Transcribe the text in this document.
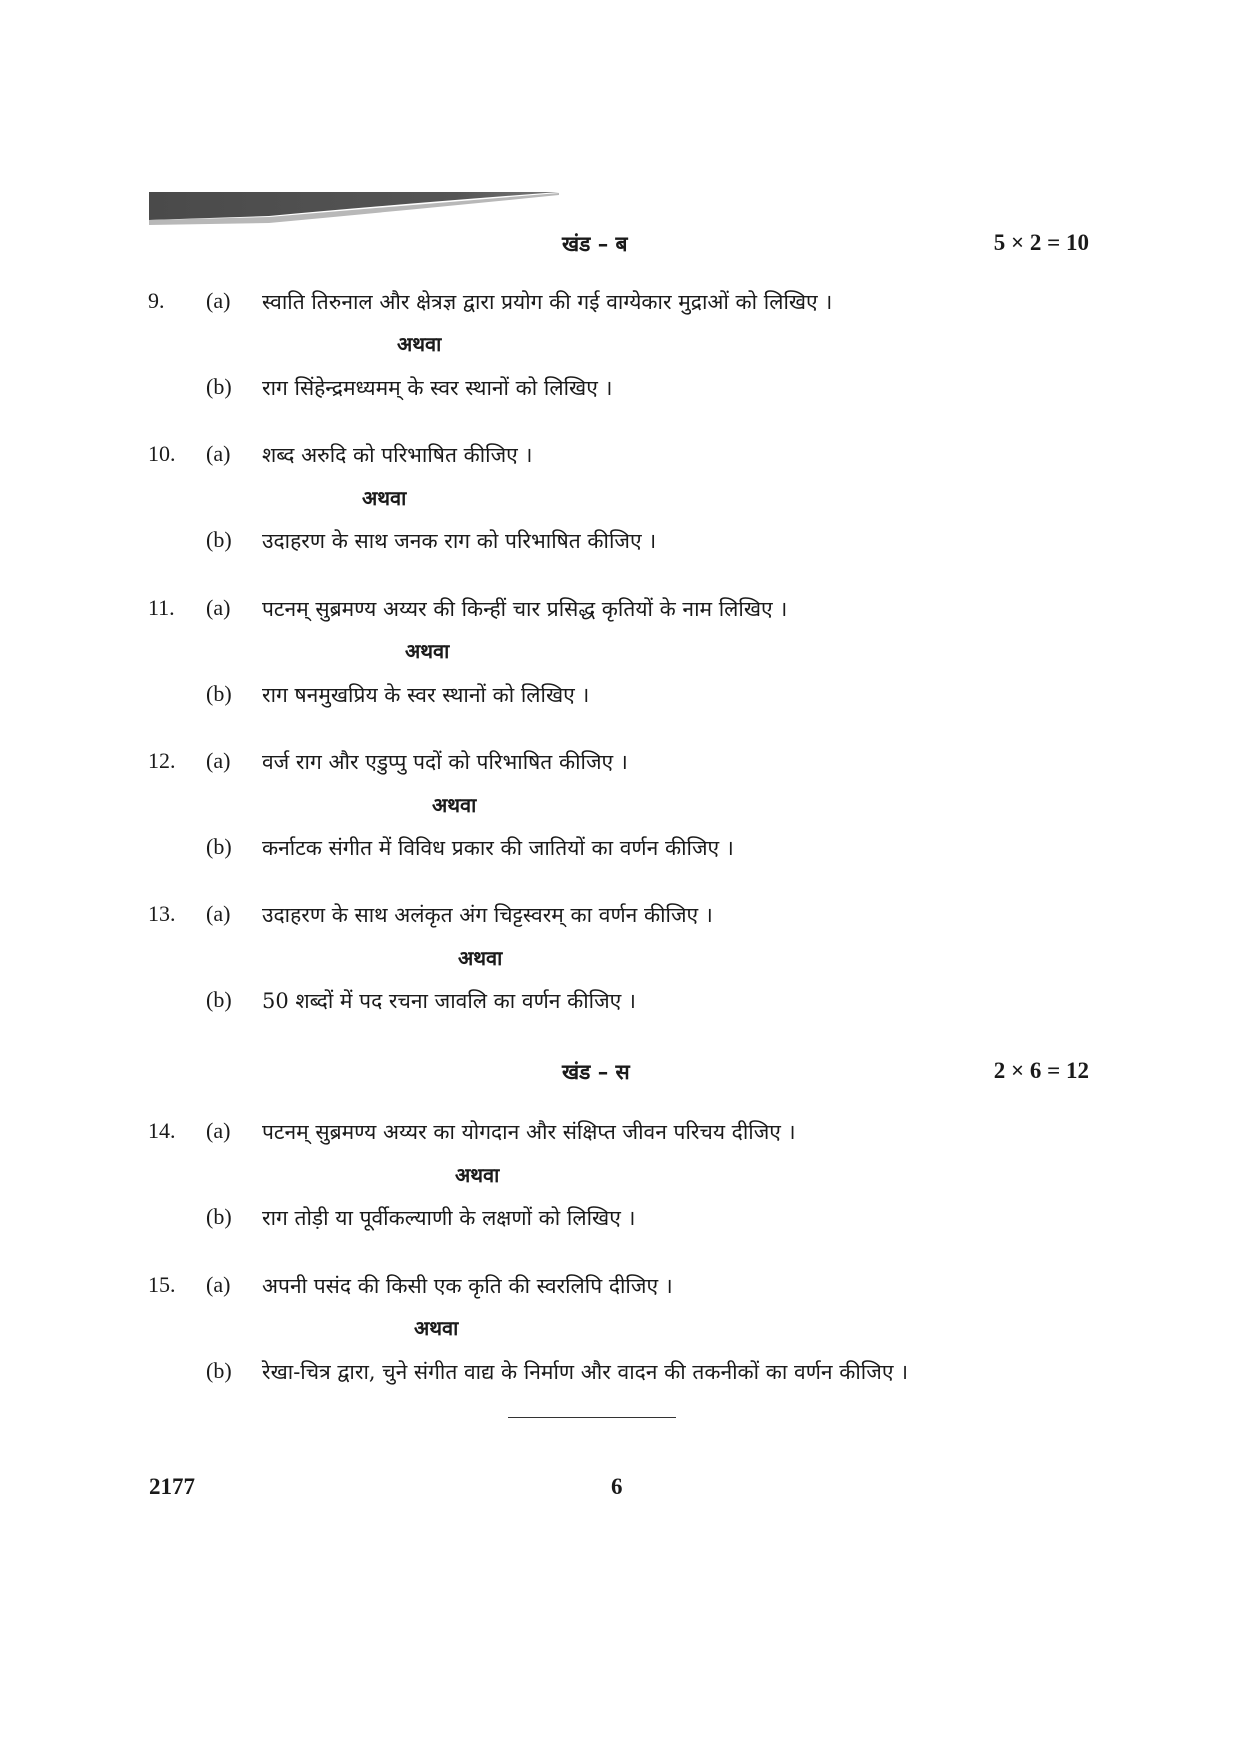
खंड – ब	5 × 2 = 10
9. (a) स्वाति तिरुनाल और क्षेत्रज्ञ द्वारा प्रयोग की गई वाग्येकार मुद्राओं को लिखिए ।
अथवा
(b) राग सिंहेन्द्रमध्यमम् के स्वर स्थानों को लिखिए ।
10. (a) शब्द अरुदि को परिभाषित कीजिए ।
अथवा
(b) उदाहरण के साथ जनक राग को परिभाषित कीजिए ।
11. (a) पटनम् सुब्रमण्य अय्यर की किन्हीं चार प्रसिद्ध कृतियों के नाम लिखिए ।
अथवा
(b) राग षनमुखप्रिय के स्वर स्थानों को लिखिए ।
12. (a) वर्ज राग और एडुप्पु पदों को परिभाषित कीजिए ।
अथवा
(b) कर्नाटक संगीत में विविध प्रकार की जातियों का वर्णन कीजिए ।
13. (a) उदाहरण के साथ अलंकृत अंग चिट्टस्वरम् का वर्णन कीजिए ।
अथवा
(b) 50 शब्दों में पद रचना जावलि का वर्णन कीजिए ।
खंड – स	2 × 6 = 12
14. (a) पटनम् सुब्रमण्य अय्यर का योगदान और संक्षिप्त जीवन परिचय दीजिए ।
अथवा
(b) राग तोड़ी या पूर्वीकल्याणी के लक्षणों को लिखिए ।
15. (a) अपनी पसंद की किसी एक कृति की स्वरलिपि दीजिए ।
अथवा
(b) रेखा-चित्र द्वारा, चुने संगीत वाद्य के निर्माण और वादन की तकनीकों का वर्णन कीजिए ।
2177	6
